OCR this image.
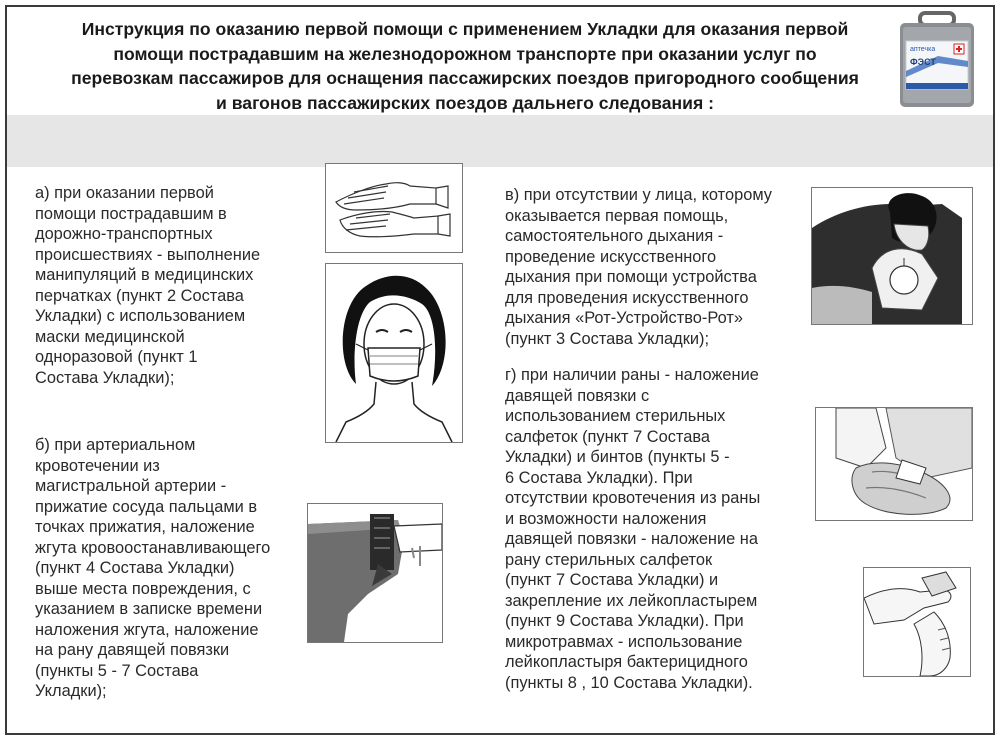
Инструкция по оказанию первой помощи с применением Укладки для оказания первой
помощи пострадавшим на железнодорожном транспорте при оказании услуг по
перевозкам пассажиров для оснащения пассажирских поездов пригородного сообщения
и вагонов пассажирских поездов дальнего следования :
аптечка
ФЭСТ

а) при оказании первой
помощи пострадавшим в
дорожно-транспортных
происшествиях - выполнение
манипуляций в медицинских
перчатках (пункт 2 Состава
Укладки) с использованием
маски медицинской
одноразовой (пункт 1
Состава Укладки);

б) при артериальном
кровотечении из
магистральной артерии -
прижатие сосуда пальцами в
точках прижатия, наложение
жгута кровоостанавливающего
(пункт 4 Состава Укладки)
выше места повреждения, с
указанием в записке времени
наложения жгута, наложение
на рану давящей повязки
(пункты 5 - 7 Состава
Укладки);

в) при отсутствии у лица, которому
оказывается первая помощь,
самостоятельного дыхания -
проведение искусственного
дыхания при помощи устройства
для проведения искусственного
дыхания «Рот-Устройство-Рот»
(пункт 3 Состава Укладки);

г) при наличии раны - наложение
давящей повязки с
использованием стерильных
салфеток (пункт 7 Состава
Укладки) и бинтов (пункты 5 -
6 Состава Укладки). При
отсутствии кровотечения из раны
и возможности наложения
давящей повязки - наложение на
рану стерильных салфеток
(пункт 7 Состава Укладки) и
закрепление их лейкопластырем
(пункт 9 Состава Укладки). При
микротравмах - использование
лейкопластыря бактерицидного
(пункты 8 , 10 Состава Укладки).
